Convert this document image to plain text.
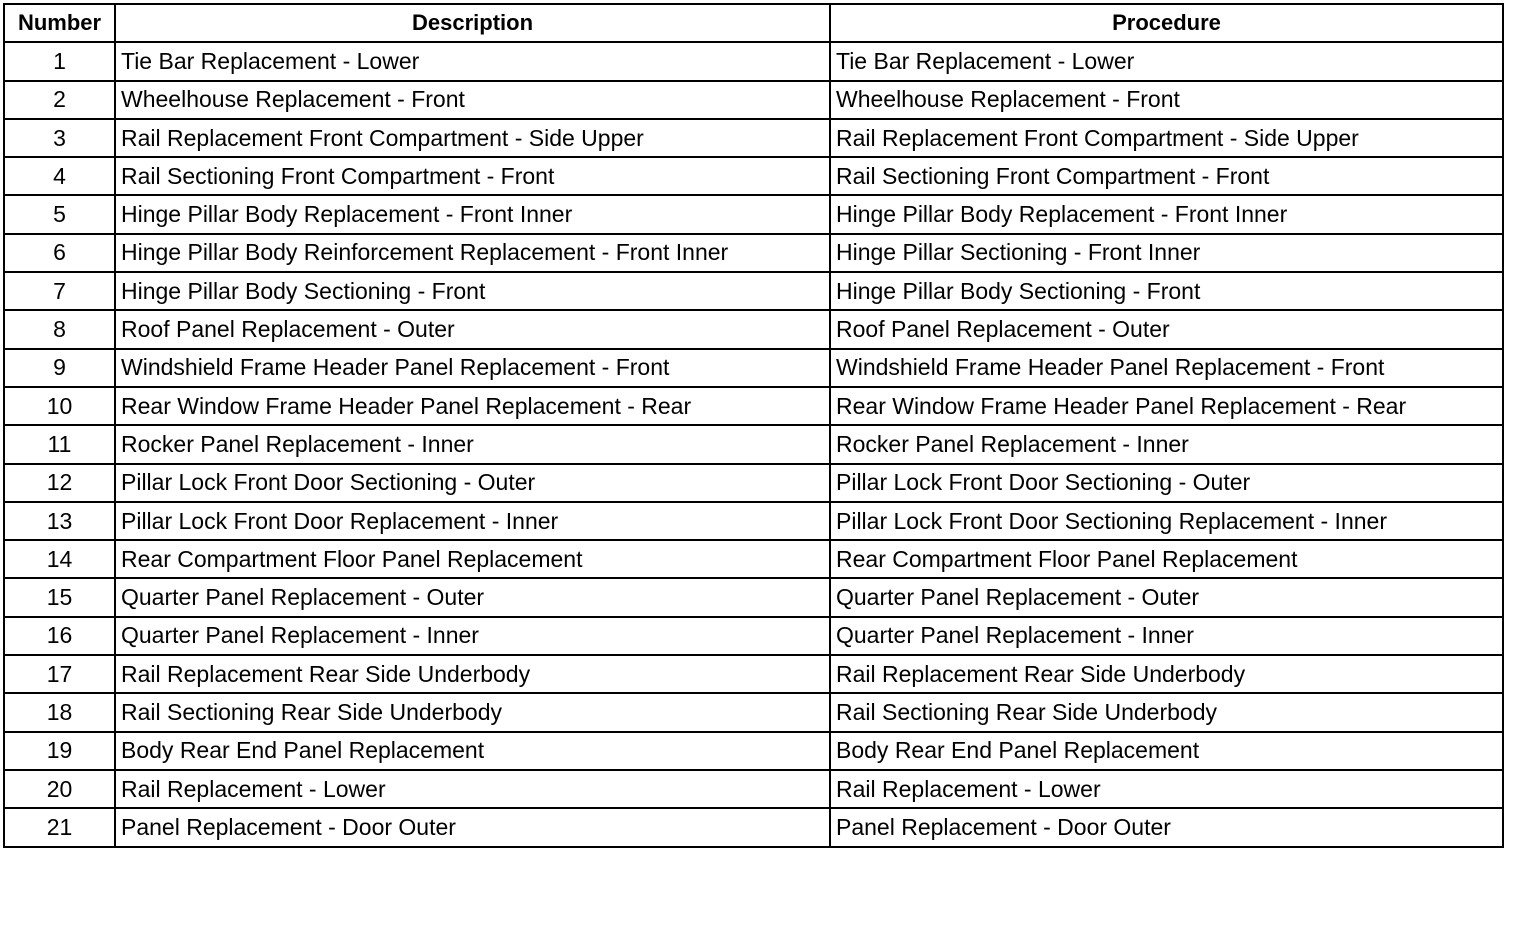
Number	Description	Procedure
1	Tie Bar Replacement - Lower	Tie Bar Replacement - Lower
2	Wheelhouse Replacement - Front	Wheelhouse Replacement - Front
3	Rail Replacement Front Compartment - Side Upper	Rail Replacement Front Compartment - Side Upper
4	Rail Sectioning Front Compartment - Front	Rail Sectioning Front Compartment - Front
5	Hinge Pillar Body Replacement - Front Inner	Hinge Pillar Body Replacement - Front Inner
6	Hinge Pillar Body Reinforcement Replacement - Front Inner	Hinge Pillar Sectioning - Front Inner
7	Hinge Pillar Body Sectioning - Front	Hinge Pillar Body Sectioning - Front
8	Roof Panel Replacement - Outer	Roof Panel Replacement - Outer
9	Windshield Frame Header Panel Replacement - Front	Windshield Frame Header Panel Replacement - Front
10	Rear Window Frame Header Panel Replacement - Rear	Rear Window Frame Header Panel Replacement - Rear
11	Rocker Panel Replacement - Inner	Rocker Panel Replacement - Inner
12	Pillar Lock Front Door Sectioning - Outer	Pillar Lock Front Door Sectioning - Outer
13	Pillar Lock Front Door Replacement - Inner	Pillar Lock Front Door Sectioning Replacement - Inner
14	Rear Compartment Floor Panel Replacement	Rear Compartment Floor Panel Replacement
15	Quarter Panel Replacement - Outer	Quarter Panel Replacement - Outer
16	Quarter Panel Replacement - Inner	Quarter Panel Replacement - Inner
17	Rail Replacement Rear Side Underbody	Rail Replacement Rear Side Underbody
18	Rail Sectioning Rear Side Underbody	Rail Sectioning Rear Side Underbody
19	Body Rear End Panel Replacement	Body Rear End Panel Replacement
20	Rail Replacement - Lower	Rail Replacement - Lower
21	Panel Replacement - Door Outer	Panel Replacement - Door Outer
